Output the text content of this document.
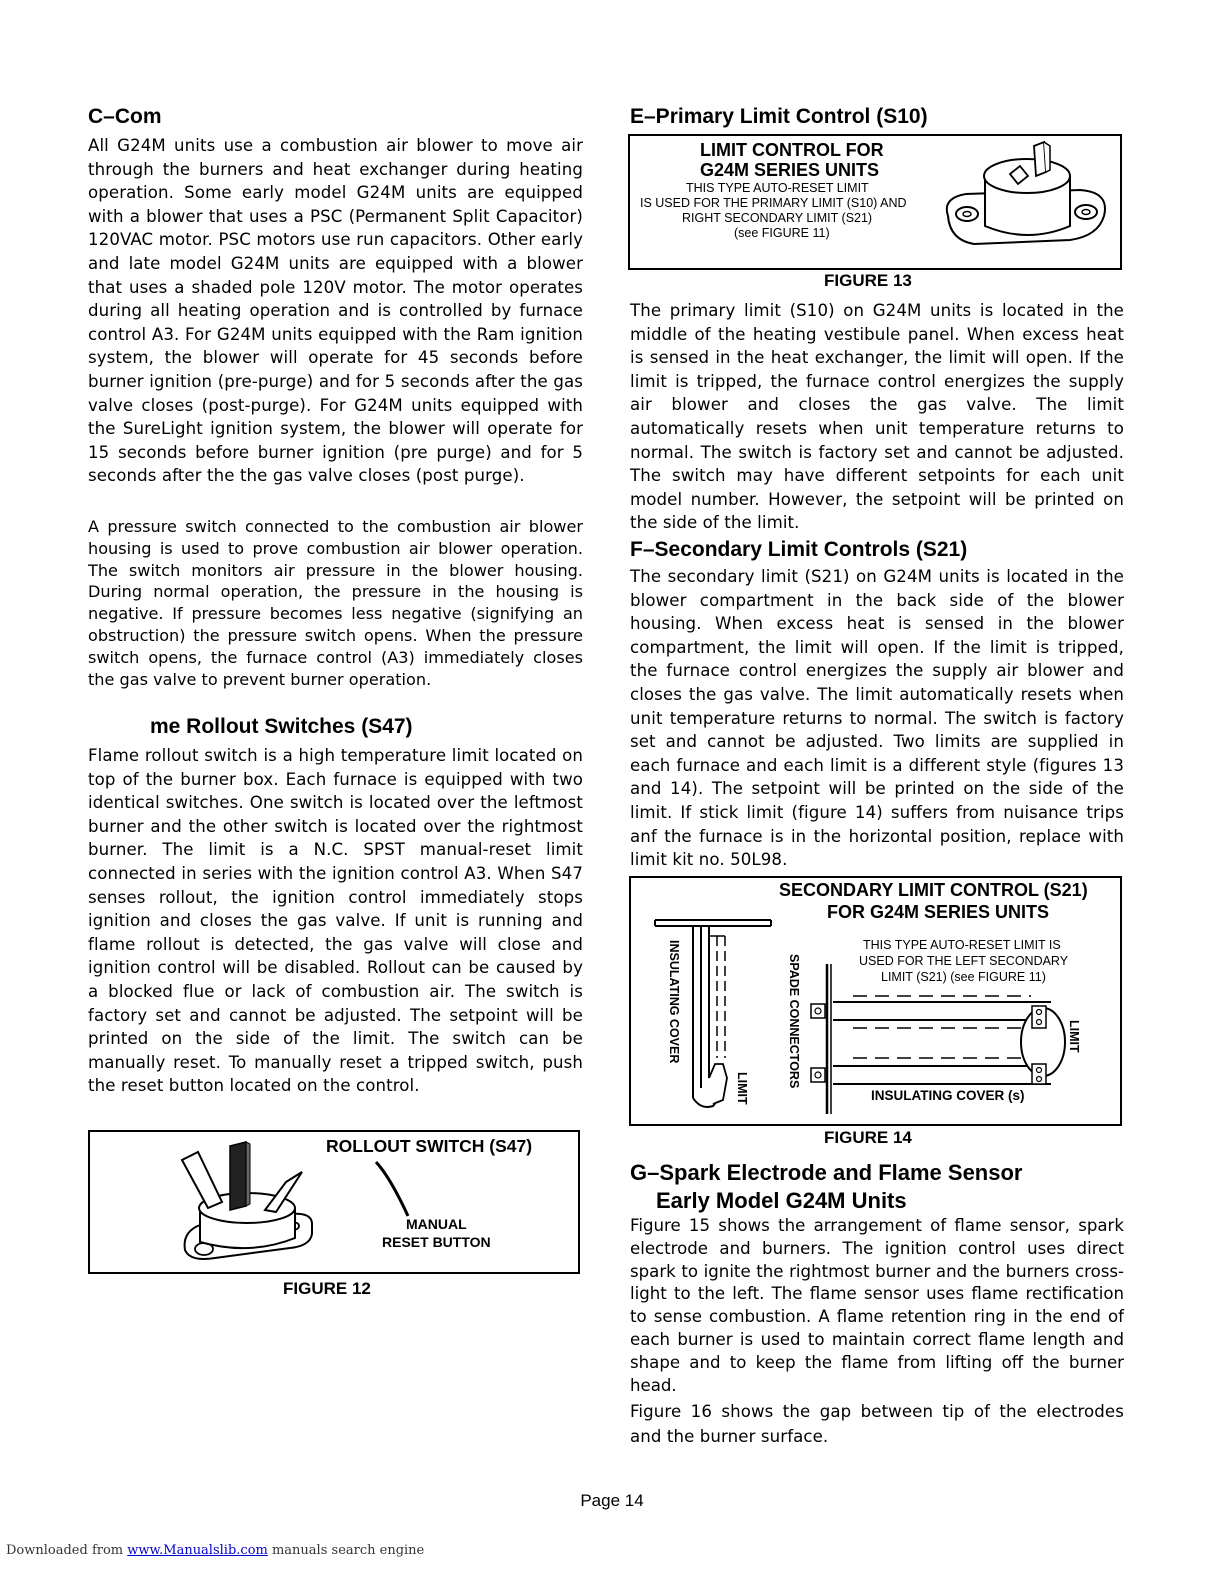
C–Com

All G24M units use a combustion air blower to move air through the burners and heat exchanger during heating operation. Some early model G24M units are equipped with a blower that uses a PSC (Permanent Split Capacitor) 120VAC motor. PSC motors use run capacitors. Other early and late model G24M units are equipped with a blower that uses a shaded pole 120V motor. The motor operates during all heating operation and is controlled by furnace control A3. For G24M units equipped with the Ram ignition system, the blower will operate for 45 seconds before burner ignition (pre-purge) and for 5 seconds after the gas valve closes (post-purge). For G24M units equipped with the SureLight ignition system, the blower will operate for 15 seconds before burner ignition (pre purge) and for 5 seconds after the the gas valve closes (post purge).

A pressure switch connected to the combustion air blower housing is used to prove combustion air blower operation. The switch monitors air pressure in the blower housing. During normal operation, the pressure in the housing is negative. If pressure becomes less negative (signifying an obstruction) the pressure switch opens. When the pressure switch opens, the furnace control (A3) immediately closes the gas valve to prevent burner operation.

me Rollout Switches (S47)

Flame rollout switch is a high temperature limit located on top of the burner box. Each furnace is equipped with two identical switches. One switch is located over the leftmost burner and the other switch is located over the rightmost burner. The limit is a N.C. SPST manual-reset limit connected in series with the ignition control A3. When S47 senses rollout, the ignition control immediately stops ignition and closes the gas valve. If unit is running and flame rollout is detected, the gas valve will close and ignition control will be disabled. Rollout can be caused by a blocked flue or lack of combustion air. The switch is factory set and cannot be adjusted. The setpoint will be printed on the side of the limit. The switch can be manually reset. To manually reset a tripped switch, push the reset button located on the control.

ROLLOUT SWITCH (S47)

MANUAL

RESET BUTTON

FIGURE 12

E–Primary Limit Control (S10)

LIMIT CONTROL FOR

G24M SERIES UNITS

THIS TYPE AUTO-RESET LIMIT

IS USED FOR THE PRIMARY LIMIT (S10) AND

RIGHT SECONDARY LIMIT (S21)

(see FIGURE 11)

FIGURE 13

The primary limit (S10) on G24M units is located in the middle of the heating vestibule panel. When excess heat is sensed in the heat exchanger, the limit will open. If the limit is tripped, the furnace control energizes the supply air blower and closes the gas valve. The limit automatically resets when unit temperature returns to normal. The switch is factory set and cannot be adjusted. The switch may have different setpoints for each unit model number. However, the setpoint will be printed on the side of the limit.

F–Secondary Limit Controls (S21)

The secondary limit (S21) on G24M units is located in the blower compartment in the back side of the blower housing. When excess heat is sensed in the blower compartment, the limit will open. If the limit is tripped, the furnace control energizes the supply air blower and closes the gas valve. The limit automatically resets when unit temperature returns to normal. The switch is factory set and cannot be adjusted. Two limits are supplied in each furnace and each limit is a different style (figures 13 and 14). The setpoint will be printed on the side of the limit. If stick limit (figure 14) suffers from nuisance trips anf the furnace is in the horizontal position, replace with limit kit no. 50L98.

SECONDARY LIMIT CONTROL (S21)

FOR G24M SERIES UNITS

THIS TYPE AUTO-RESET LIMIT IS

USED FOR THE LEFT SECONDARY

LIMIT (S21) (see FIGURE 11)

INSULATING COVER

LIMIT

SPADE CONNECTORS	LIMIT

INSULATING COVER (s)

FIGURE 14

G–Spark Electrode and Flame Sensor
Early Model G24M Units

Figure 15 shows the arrangement of flame sensor, spark electrode and burners. The ignition control uses direct spark to ignite the rightmost burner and the burners cross-light to the left. The flame sensor uses flame rectification to sense combustion. A flame retention ring in the end of each burner is used to maintain correct flame length and shape and to keep the flame from lifting off the burner head.

Figure 16 shows the gap between tip of the electrodes and the burner surface.

Page 14

Downloaded from www.Manualslib.com manuals search engine
